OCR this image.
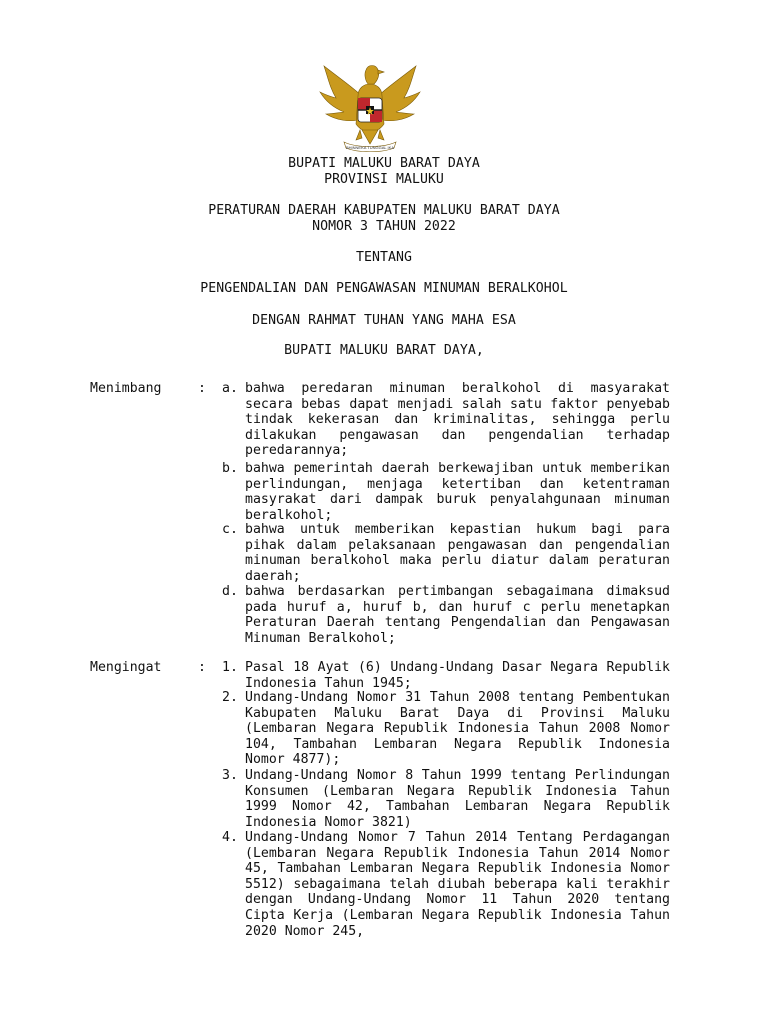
BHINNEKA TUNGGAL IKA
BUPATI MALUKU BARAT DAYA
PROVINSI MALUKU
PERATURAN DAERAH KABUPATEN MALUKU BARAT DAYA
NOMOR 3 TAHUN 2022
TENTANG
PENGENDALIAN DAN PENGAWASAN MINUMAN BERALKOHOL
DENGAN RAHMAT TUHAN YANG MAHA ESA
BUPATI MALUKU BARAT DAYA,
Menimbang	: a. bahwa peredaran minuman beralkohol di masyarakat secara bebas dapat menjadi salah satu faktor penyebab tindak kekerasan dan kriminalitas, sehingga perlu dilakukan pengawasan dan pengendalian terhadap peredarannya;
b. bahwa pemerintah daerah berkewajiban untuk memberikan perlindungan, menjaga ketertiban dan ketentraman masyrakat dari dampak buruk penyalahgunaan minuman beralkohol;
c. bahwa untuk memberikan kepastian hukum bagi para pihak dalam pelaksanaan pengawasan dan pengendalian minuman beralkohol maka perlu diatur dalam peraturan daerah;
d. bahwa berdasarkan pertimbangan sebagaimana dimaksud pada huruf a, huruf b, dan huruf c perlu menetapkan Peraturan Daerah tentang Pengendalian dan Pengawasan Minuman Beralkohol;
Mengingat	: 1. Pasal 18 Ayat (6) Undang-Undang Dasar Negara Republik Indonesia Tahun 1945;
2. Undang-Undang Nomor 31 Tahun 2008 tentang Pembentukan Kabupaten Maluku Barat Daya di Provinsi Maluku (Lembaran Negara Republik Indonesia Tahun 2008 Nomor 104, Tambahan Lembaran Negara Republik Indonesia Nomor 4877);
3. Undang-Undang Nomor 8 Tahun 1999 tentang Perlindungan Konsumen (Lembaran Negara Republik Indonesia Tahun 1999 Nomor 42, Tambahan Lembaran Negara Republik Indonesia Nomor 3821)
4. Undang-Undang Nomor 7 Tahun 2014 Tentang Perdagangan (Lembaran Negara Republik Indonesia Tahun 2014 Nomor 45, Tambahan Lembaran Negara Republik Indonesia Nomor 5512) sebagaimana telah diubah beberapa kali terakhir dengan Undang-Undang Nomor 11 Tahun 2020 tentang Cipta Kerja (Lembaran Negara Republik Indonesia Tahun 2020 Nomor 245,
